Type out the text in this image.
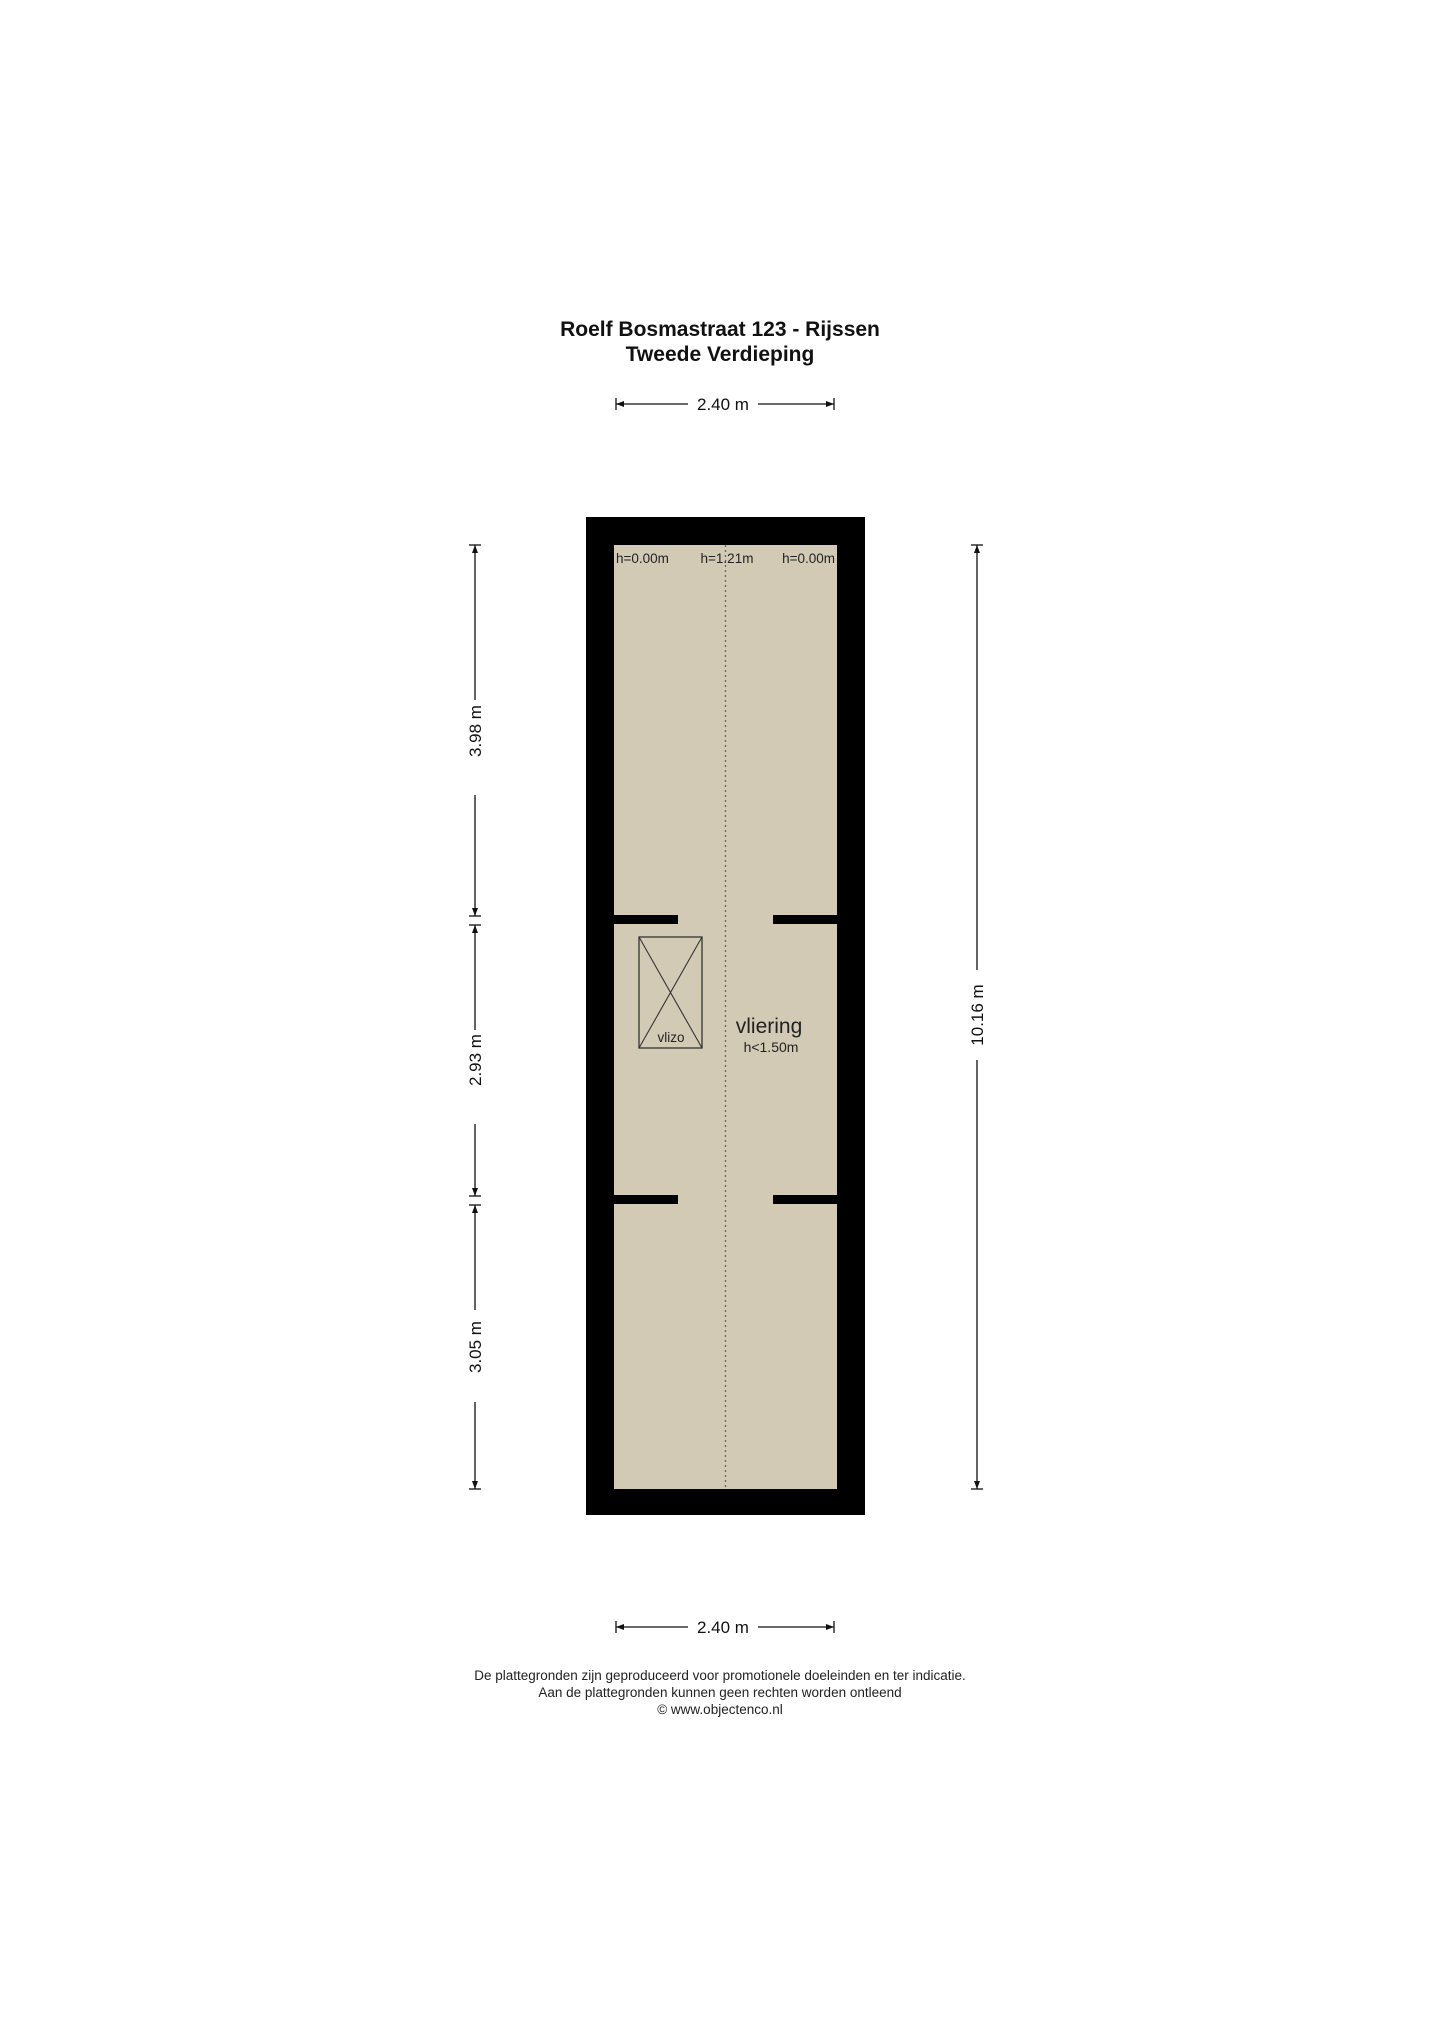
Roelf Bosmastraat 123 - Rijssen
Tweede Verdieping
2.40 m
h=0.00m h=1.21m h=0.00m
vlizo vliering
h<1.50m
3.98 m
2.93 m
3.05 m
10.16 m
2.40 m
De plattegronden zijn geproduceerd voor promotionele doeleinden en ter indicatie.
Aan de plattegronden kunnen geen rechten worden ontleend
© www.objectenco.nl
